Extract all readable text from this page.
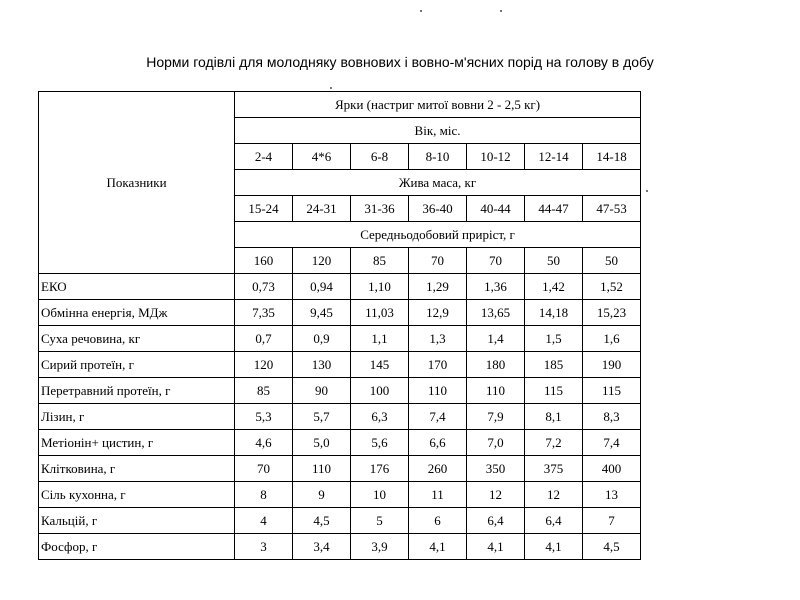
Норми годівлі для молодняку вовнових і вовно-м'ясних порід на голову в добу
Показники	Ярки (настриг митої вовни 2 - 2,5 кг)						
	Вік, міс.						
	2-4	4*6	6-8	8-10	10-12	12-14	14-18
	Жива маса, кг						
	15-24	24-31	31-36	36-40	40-44	44-47	47-53
	Середньодобовий приріст, г						
	160	120	85	70	70	50	50
ЕКО	0,73	0,94	1,10	1,29	1,36	1,42	1,52
Обмінна енергія, МДж	7,35	9,45	11,03	12,9	13,65	14,18	15,23
Суха речовина, кг	0,7	0,9	1,1	1,3	1,4	1,5	1,6
Сирий протеїн, г	120	130	145	170	180	185	190
Перетравний протеїн, г	85	90	100	110	110	115	115
Лізин, г	5,3	5,7	6,3	7,4	7,9	8,1	8,3
Метіонін+ цистин, г	4,6	5,0	5,6	6,6	7,0	7,2	7,4
Клітковина, г	70	110	176	260	350	375	400
Сіль кухонна, г	8	9	10	11	12	12	13
Кальцій, г	4	4,5	5	6	6,4	6,4	7
Фосфор, г	3	3,4	3,9	4,1	4,1	4,1	4,5
